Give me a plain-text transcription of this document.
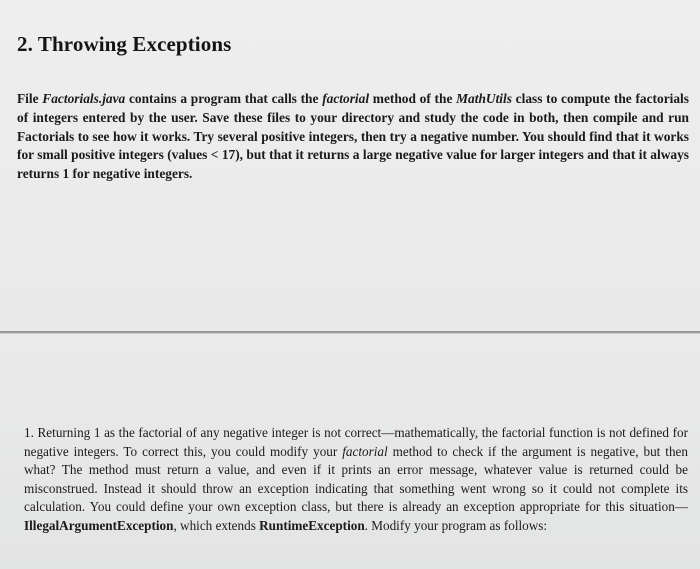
2. Throwing Exceptions
File Factorials.java contains a program that calls the factorial method of the MathUtils class to compute the factorials of integers entered by the user. Save these files to your directory and study the code in both, then compile and run Factorials to see how it works. Try several positive integers, then try a negative number. You should find that it works for small positive integers (values < 17), but that it returns a large negative value for larger integers and that it always returns 1 for negative integers.
1. Returning 1 as the factorial of any negative integer is not correct—mathematically, the factorial function is not defined for negative integers. To correct this, you could modify your factorial method to check if the argument is negative, but then what? The method must return a value, and even if it prints an error message, whatever value is returned could be misconstrued. Instead it should throw an exception indicating that something went wrong so it could not complete its calculation. You could define your own exception class, but there is already an exception appropriate for this situation—IllegalArgumentException, which extends RuntimeException. Modify your program as follows:
